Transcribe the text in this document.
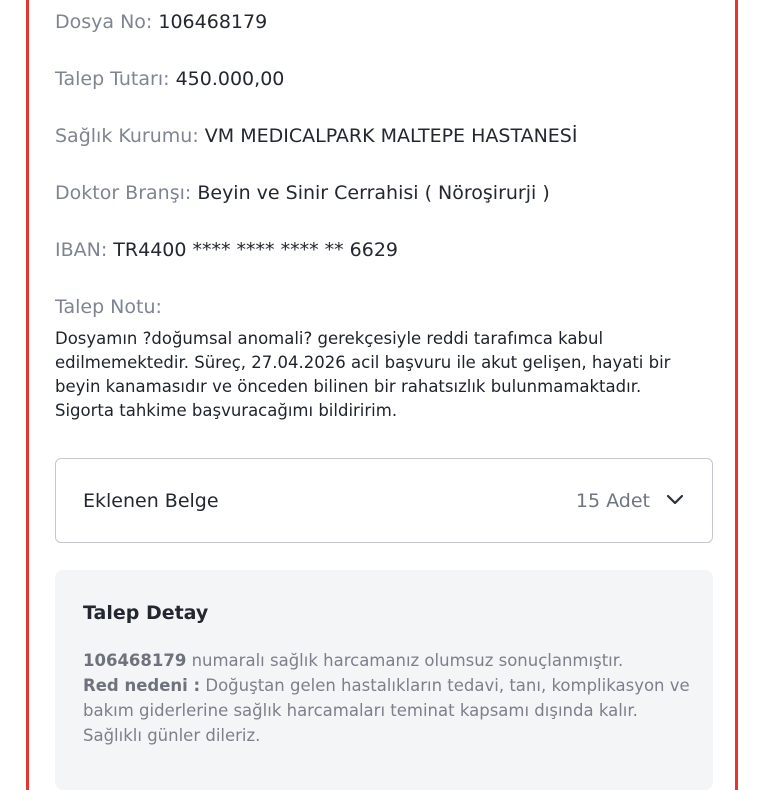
Dosya No: 106468179
Talep Tutarı: 450.000,00
Sağlık Kurumu: VM MEDICALPARK MALTEPE HASTANESİ
Doktor Branşı: Beyin ve Sinir Cerrahisi ( Nöroşirurji )
IBAN: TR4400 **** **** **** ** 6629
Talep Notu:
Dosyamın ?doğumsal anomali? gerekçesiyle reddi tarafımca kabul edilmemektedir. Süreç, 27.04.2026 acil başvuru ile akut gelişen, hayati bir beyin kanamasıdır ve önceden bilinen bir rahatsızlık bulunmamaktadır. Sigorta tahkime başvuracağımı bildiririm.
Eklenen Belge	15 Adet
Talep Detay
106468179 numaralı sağlık harcamanız olumsuz sonuçlanmıştır.
Red nedeni : Doğuştan gelen hastalıkların tedavi, tanı, komplikasyon ve bakım giderlerine sağlık harcamaları teminat kapsamı dışında kalır.
Sağlıklı günler dileriz.
